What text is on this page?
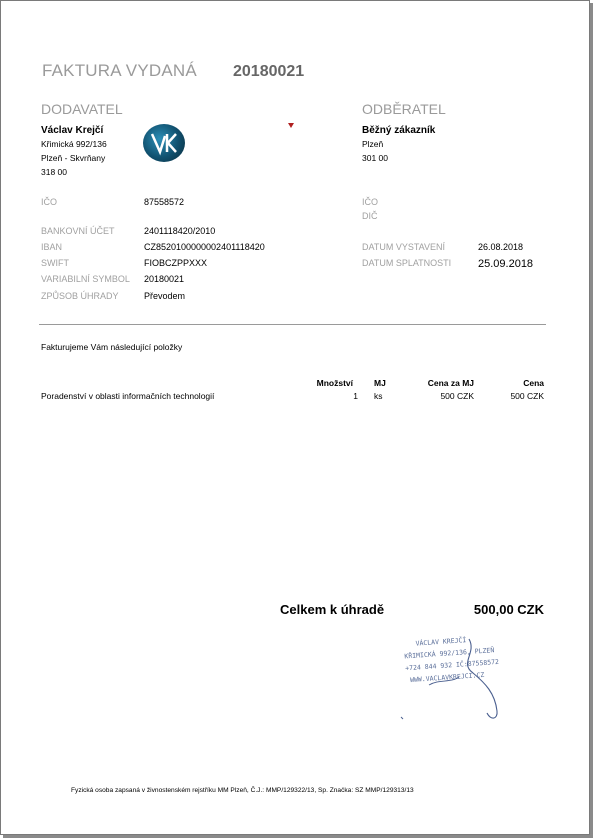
FAKTURA VYDANÁ 20180021
DODAVATEL
Václav Krejčí
Křimická 992/136
Plzeň - Skvrňany
318 00
IČO	87558572
BANKOVNÍ ÚČET	2401118420/2010
IBAN	CZ8520100000002401118420
SWIFT	FIOBCZPPXXX
VARIABILNÍ SYMBOL 20180021
ZPŮSOB ÚHRADY	Převodem
ODBĚRATEL
Běžný zákazník
Plzeň
301 00
IČO
DIČ
DATUM VYSTAVENÍ	26.08.2018
DATUM SPLATNOSTI 25.09.2018
Fakturujeme Vám následující položky
Množství MJ	Cena za MJ	Cena
Poradenství v oblasti informačních technologií	1 ks	500 CZK	500 CZK
Celkem k úhradě	500,00 CZK
VÁCLAV KREJČÍ
KŘIMICKÁ 992/136, PLZEŇ
+724 844 932 IČ:87558572
WWW.VACLAVKREJCI.CZ
Fyzická osoba zapsaná v živnostenském rejstříku MM Plzeň, Č.J.: MMP/129322/13, Sp. Značka: SZ MMP/129313/13
